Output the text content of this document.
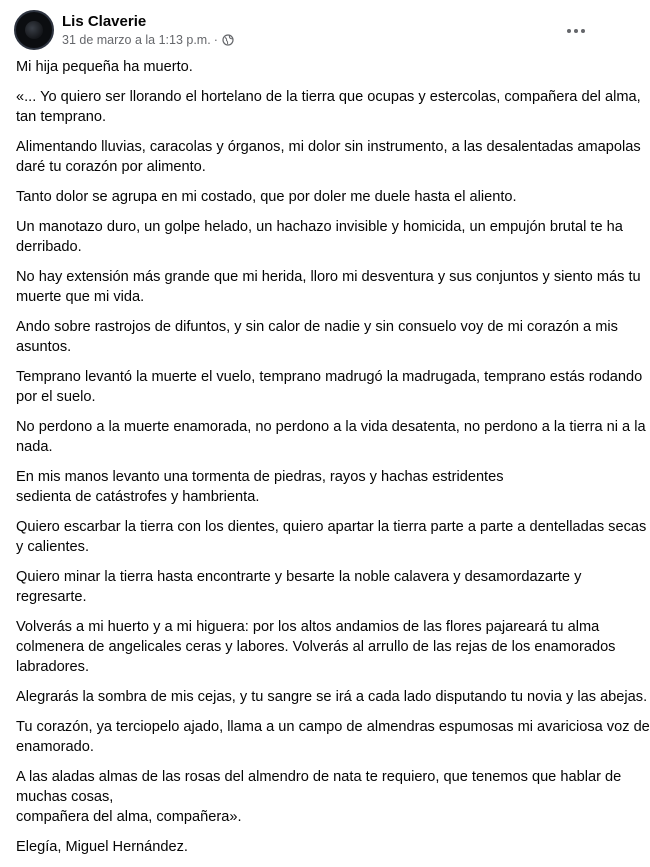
Lis Claverie
31 de marzo a la 1:13 p.m. ·
Mi hija pequeña ha muerto.
«... Yo quiero ser llorando el hortelano de la tierra que ocupas y estercolas, compañera del alma,
tan temprano.
Alimentando lluvias, caracolas y órganos, mi dolor sin instrumento, a las desalentadas amapolas
daré tu corazón por alimento.
Tanto dolor se agrupa en mi costado, que por doler me duele hasta el aliento.
Un manotazo duro, un golpe helado, un hachazo invisible y homicida, un empujón brutal te ha
derribado.
No hay extensión más grande que mi herida, lloro mi desventura y sus conjuntos y siento más tu
muerte que mi vida.
Ando sobre rastrojos de difuntos, y sin calor de nadie y sin consuelo voy de mi corazón a mis
asuntos.
Temprano levantó la muerte el vuelo, temprano madrugó la madrugada, temprano estás rodando
por el suelo.
No perdono a la muerte enamorada, no perdono a la vida desatenta, no perdono a la tierra ni a la
nada.
En mis manos levanto una tormenta de piedras, rayos y hachas estridentes
sedienta de catástrofes y hambrienta.
Quiero escarbar la tierra con los dientes, quiero apartar la tierra parte a parte a dentelladas secas
y calientes.
Quiero minar la tierra hasta encontrarte y besarte la noble calavera y desamordazarte y
regresarte.
Volverás a mi huerto y a mi higuera: por los altos andamios de las flores pajareará tu alma
colmenera de angelicales ceras y labores. Volverás al arrullo de las rejas de los enamorados
labradores.
Alegrarás la sombra de mis cejas, y tu sangre se irá a cada lado disputando tu novia y las abejas.
Tu corazón, ya terciopelo ajado, llama a un campo de almendras espumosas mi avariciosa voz de
enamorado.
A las aladas almas de las rosas del almendro de nata te requiero, que tenemos que hablar de
muchas cosas,
compañera del alma, compañera».
Elegía, Miguel Hernández.
